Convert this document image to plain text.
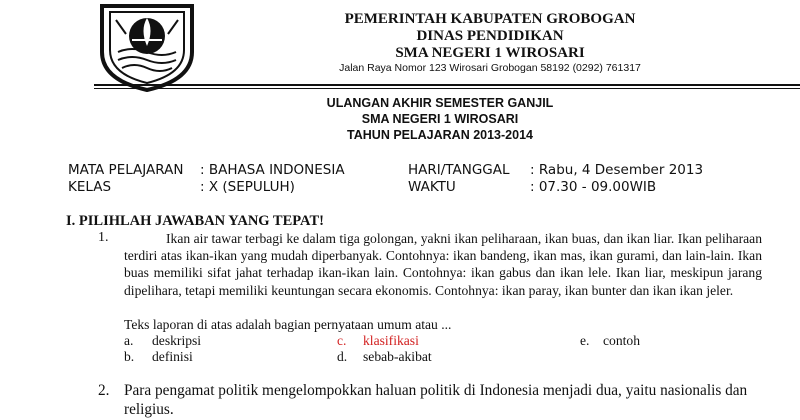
PEMERINTAH KABUPATEN GROBOGAN
DINAS PENDIDIKAN
SMA NEGERI 1 WIROSARI
Jalan Raya Nomor 123 Wirosari Grobogan 58192 (0292) 761317
ULANGAN AKHIR SEMESTER GANJIL
SMA NEGERI 1 WIROSARI
TAHUN PELAJARAN 2013-2014
MATA PELAJARAN : BAHASA INDONESIA
KELAS	: X (SEPULUH)
HARI/TANGGAL : Rabu, 4 Desember 2013
WAKTU	: 07.30 - 09.00WIB
I. PILIHLAH JAWABAN YANG TEPAT!
1.	Ikan air tawar terbagi ke dalam tiga golongan, yakni ikan peliharaan, ikan buas, dan ikan liar. Ikan peliharaan terdiri atas ikan-ikan yang mudah diperbanyak. Contohnya: ikan bandeng, ikan mas, ikan gurami, dan lain-lain. Ikan buas memiliki sifat jahat terhadap ikan-ikan lain. Contohnya: ikan gabus dan ikan lele. Ikan liar, meskipun jarang dipelihara, tetapi memiliki keuntungan secara ekonomis. Contohnya: ikan paray, ikan bunter dan ikan ikan jeler.

Teks laporan di atas adalah bagian pernyataan umum atau ...
a. deskripsi
b. definisi
c. klasifikasi
d. sebab-akibat
e. contoh
2. Para pengamat politik mengelompokkan haluan politik di Indonesia menjadi dua, yaitu nasionalis dan religius.
